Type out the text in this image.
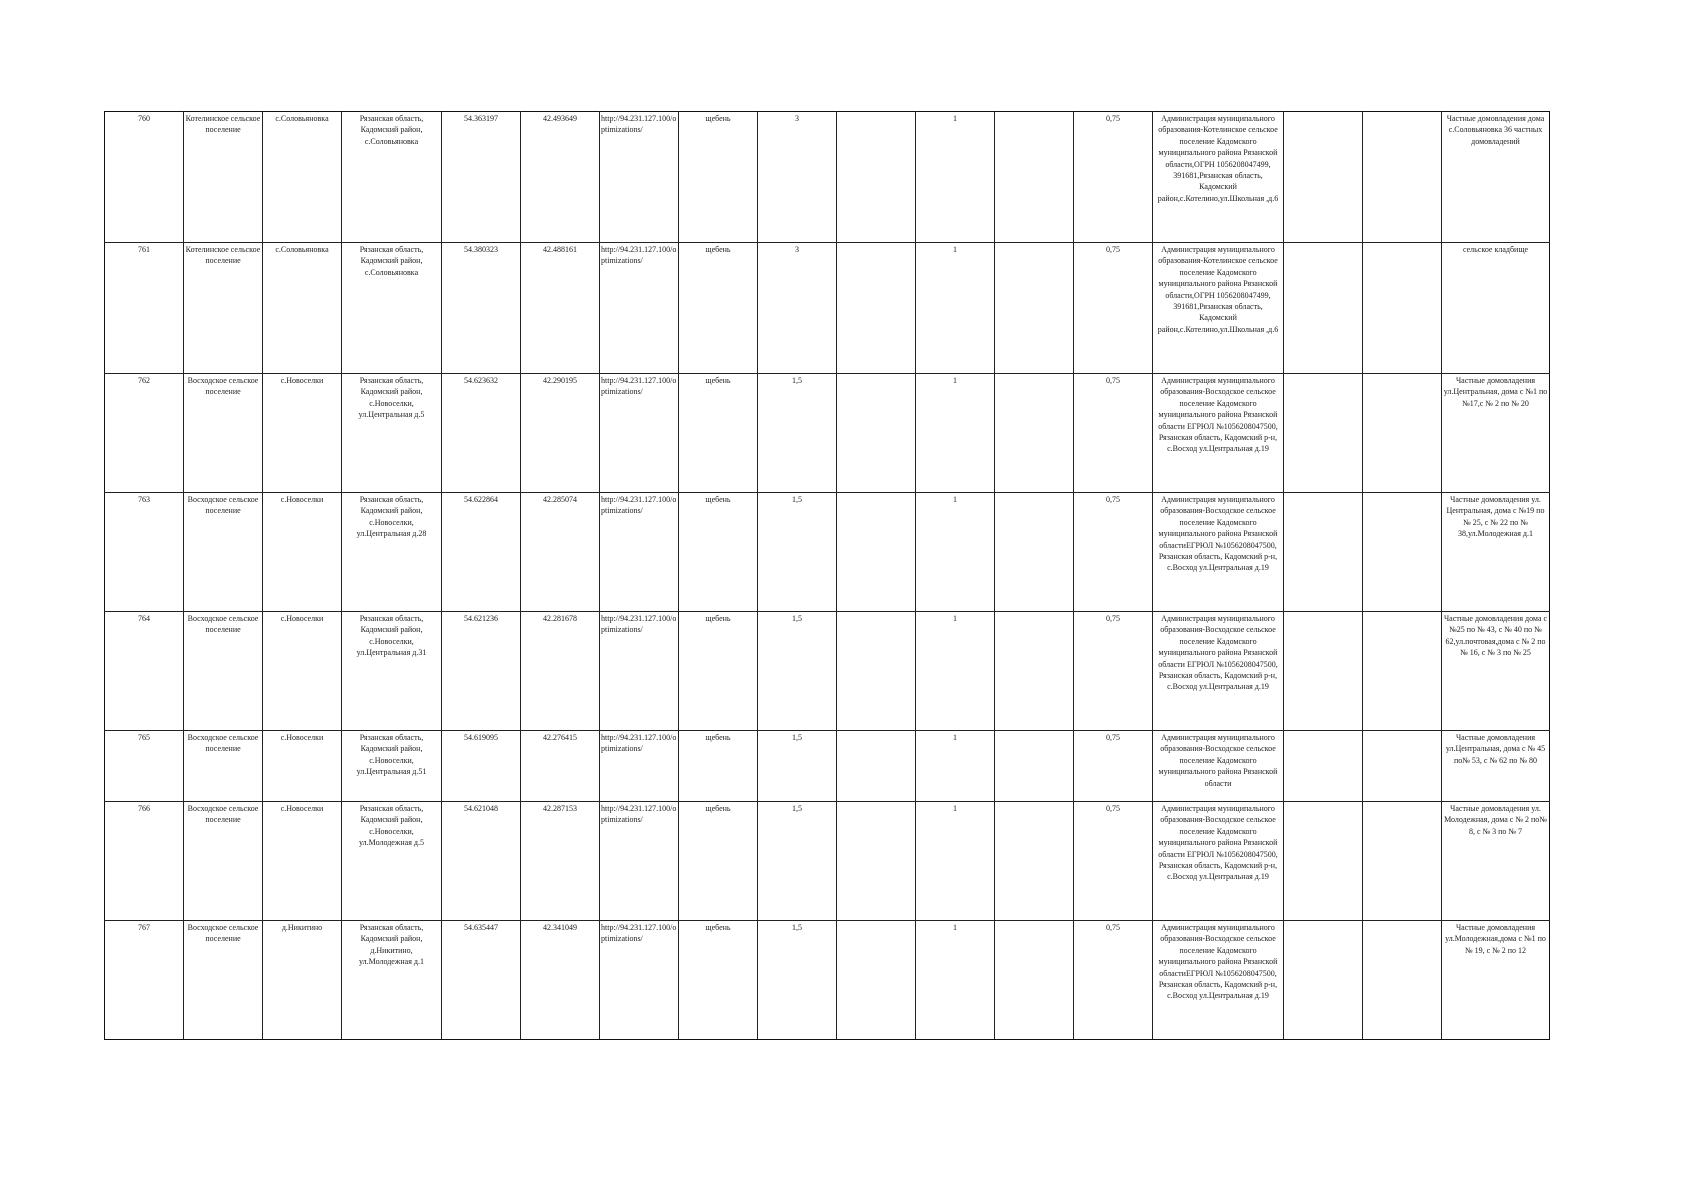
760	Котелинское сельское поселение	с.Соловьяновка	Рязанская область, Кадомский район, с.Соловьяновка	54.363197	42.493649	http://94.231.127.100/optimizations/	щебень	3		1		0,75	Администрация муниципального образования-Котелинское сельское поселение Кадомского муниципального района Рязанской области,ОГРН 1056208047499, 391681,Рязанская область, Кадомский район,с.Котелино,ул.Школьная ,д.6			Частные домовладения дома с.Соловьяновка 36 частных домовладений
761	Котелинское сельское поселение	с.Соловьяновка	Рязанская область, Кадомский район, с.Соловьяновка	54.380323	42.488161	http://94.231.127.100/optimizations/	щебень	3		1		0,75	Администрация муниципального образования-Котелинское сельское поселение Кадомского муниципального района Рязанской области,ОГРН 1056208047499, 391681,Рязанская область, Кадомский район,с.Котелино,ул.Школьная ,д.6			сельское кладбище
762	Восходское сельское поселение	с.Новоселки	Рязанская область, Кадомский район, с.Новоселки, ул.Центральная д.5	54.623632	42.290195	http://94.231.127.100/optimizations/	щебень	1,5		1		0,75	Администрация муниципального образования-Восходское сельское поселение Кадомского муниципального района Рязанской области ЕГРЮЛ №1056208047500, Рязанская область, Кадомский р-н, с.Восход ул.Центральная д.19			Частные домовладения ул.Центральная, дома с №1 по №17,с № 2 по № 20
763	Восходское сельское поселение	с.Новоселки	Рязанская область, Кадомский район, с.Новоселки, ул.Центральная д.28	54.622864	42.285074	http://94.231.127.100/optimizations/	щебень	1,5		1		0,75	Администрация муниципального образования-Восходское сельское поселение Кадомского муниципального района Рязанской областиЕГРЮЛ №1056208047500, Рязанская область, Кадомский р-н, с.Восход ул.Центральная д.19			Частные домовладения ул. Центральная, дома с №19 по № 25, с № 22 по № 38,ул.Молодежная д.1
764	Восходское сельское поселение	с.Новоселки	Рязанская область, Кадомский район, с.Новоселки, ул.Центральная д.31	54.621236	42.281678	http://94.231.127.100/optimizations/	щебень	1,5		1		0,75	Администрация муниципального образования-Восходское сельское поселение Кадомского муниципального района Рязанской области ЕГРЮЛ №1056208047500, Рязанская область, Кадомский р-н, с.Восход ул.Центральная д.19			Частные домовладения дома с №25 по № 43, с № 40 по № 62,ул.почтовая,дома с № 2 по № 16, с № 3 по № 25
765	Восходское сельское поселение	с.Новоселки	Рязанская область, Кадомский район, с.Новоселки, ул.Центральная д.51	54.619095	42.276415	http://94.231.127.100/optimizations/	щебень	1,5		1		0,75	Администрация муниципального образования-Восходское сельское поселение Кадомского муниципального района Рязанской области			Частные домовладения ул.Центральная, дома с № 45 по№ 53, с № 62 по № 80
766	Восходское сельское поселение	с.Новоселки	Рязанская область, Кадомский район, с.Новоселки, ул.Молодежная д.5	54.621048	42.287153	http://94.231.127.100/optimizations/	щебень	1,5		1		0,75	Администрация муниципального образования-Восходское сельское поселение Кадомского муниципального района Рязанской области ЕГРЮЛ №1056208047500, Рязанская область, Кадомский р-н, с.Восход ул.Центральная д.19			Частные домовладения ул. Молодежная, дома с № 2 по№ 8, с № 3 по № 7
767	Восходское сельское поселение	д.Никитино	Рязанская область, Кадомский район, д.Никитино, ул.Молодежная д.1	54.635447	42.341049	http://94.231.127.100/optimizations/	щебень	1,5		1		0,75	Администрация муниципального образования-Восходское сельское поселение Кадомского муниципального района Рязанской областиЕГРЮЛ №1056208047500, Рязанская область, Кадомский р-н, с.Восход ул.Центральная д.19			Частные домовладения ул.Молодежная,дома с №1 по № 19, с № 2 по 12
